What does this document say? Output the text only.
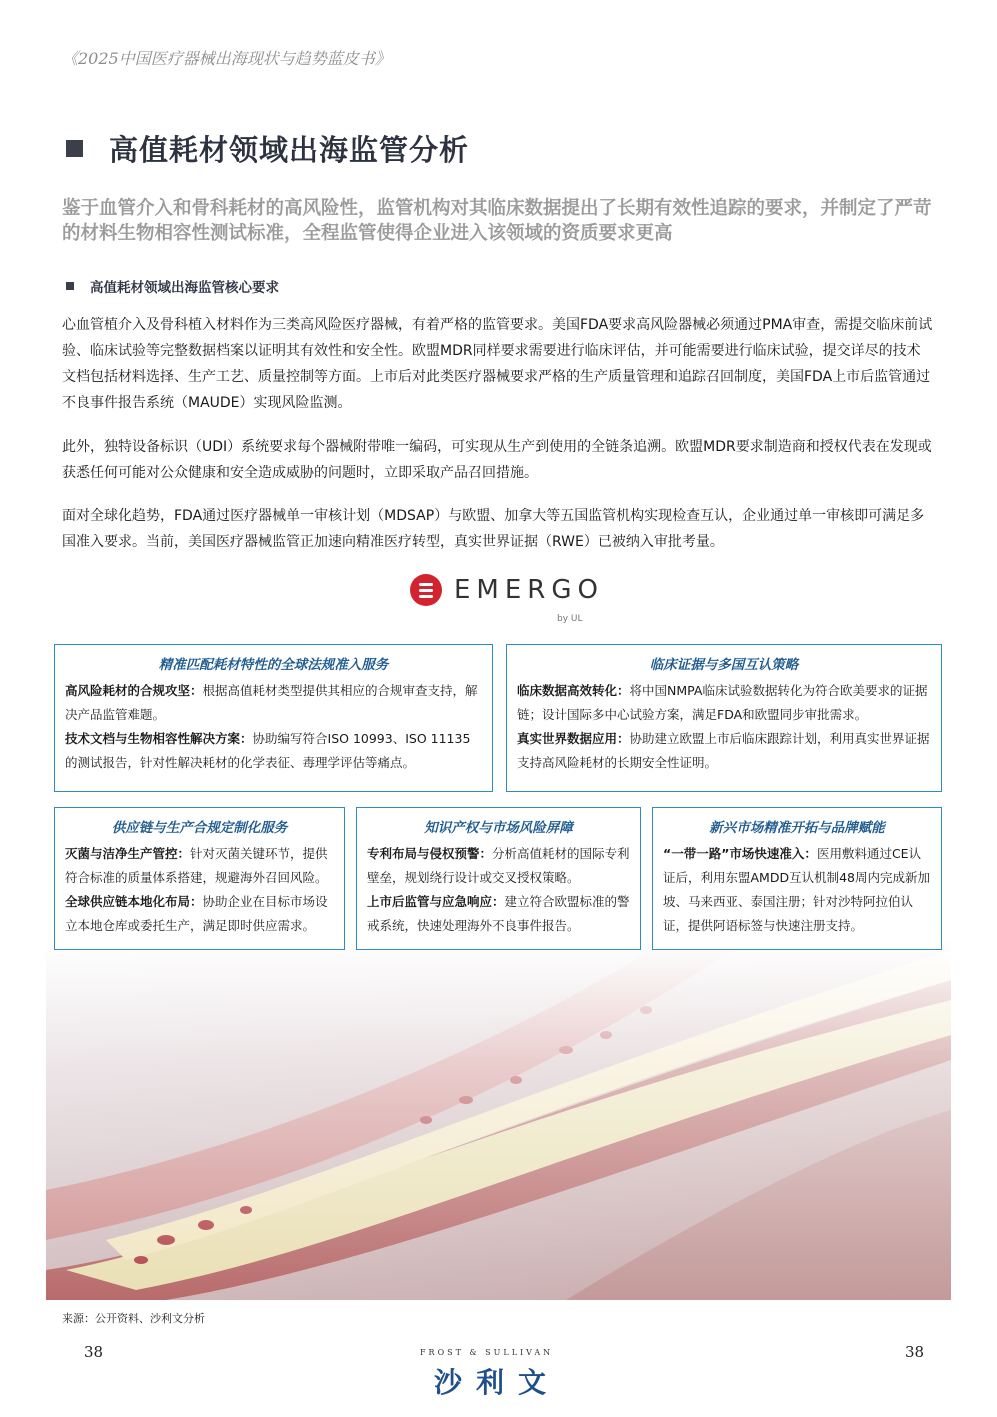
《2025中国医疗器械出海现状与趋势蓝皮书》
高值耗材领域出海监管分析
鉴于血管介入和骨科耗材的高风险性，监管机构对其临床数据提出了长期有效性追踪的要求，并制定了严苛的材料生物相容性测试标准，全程监管使得企业进入该领域的资质要求更高
高值耗材领域出海监管核心要求
心血管植介入及骨科植入材料作为三类高风险医疗器械，有着严格的监管要求。美国FDA要求高风险器械必须通过PMA审查，需提交临床前试验、临床试验等完整数据档案以证明其有效性和安全性。欧盟MDR同样要求需要进行临床评估，并可能需要进行临床试验，提交详尽的技术文档包括材料选择、生产工艺、质量控制等方面。上市后对此类医疗器械要求严格的生产质量管理和追踪召回制度，美国FDA上市后监管通过不良事件报告系统（MAUDE）实现风险监测。
此外，独特设备标识（UDI）系统要求每个器械附带唯一编码，可实现从生产到使用的全链条追溯。欧盟MDR要求制造商和授权代表在发现或获悉任何可能对公众健康和安全造成威胁的问题时，立即采取产品召回措施。
面对全球化趋势，FDA通过医疗器械单一审核计划（MDSAP）与欧盟、加拿大等五国监管机构实现检查互认，企业通过单一审核即可满足多国准入要求。当前，美国医疗器械监管正加速向精准医疗转型，真实世界证据（RWE）已被纳入审批考量。
EMERGO
by UL
精准匹配耗材特性的全球法规准入服务
高风险耗材的合规攻坚：根据高值耗材类型提供其相应的合规审查支持，解决产品监管难题。
技术文档与生物相容性解决方案：协助编写符合ISO 10993、ISO 11135的测试报告，针对性解决耗材的化学表征、毒理学评估等痛点。
临床证据与多国互认策略
临床数据高效转化：将中国NMPA临床试验数据转化为符合欧美要求的证据链；设计国际多中心试验方案，满足FDA和欧盟同步审批需求。
真实世界数据应用：协助建立欧盟上市后临床跟踪计划，利用真实世界证据支持高风险耗材的长期安全性证明。
供应链与生产合规定制化服务
灭菌与洁净生产管控：针对灭菌关键环节，提供符合标准的质量体系搭建，规避海外召回风险。
全球供应链本地化布局：协助企业在目标市场设立本地仓库或委托生产，满足即时供应需求。
知识产权与市场风险屏障
专利布局与侵权预警：分析高值耗材的国际专利壁垒，规划绕行设计或交叉授权策略。
上市后监管与应急响应：建立符合欧盟标准的警戒系统，快速处理海外不良事件报告。
新兴市场精准开拓与品牌赋能
“一带一路”市场快速准入：医用敷料通过CE认证后，利用东盟AMDD互认机制48周内完成新加坡、马来西亚、泰国注册；针对沙特阿拉伯认证，提供阿语标签与快速注册支持。
来源：公开资料、沙利文分析
38	38
FROST & SULLIVAN
沙利文
